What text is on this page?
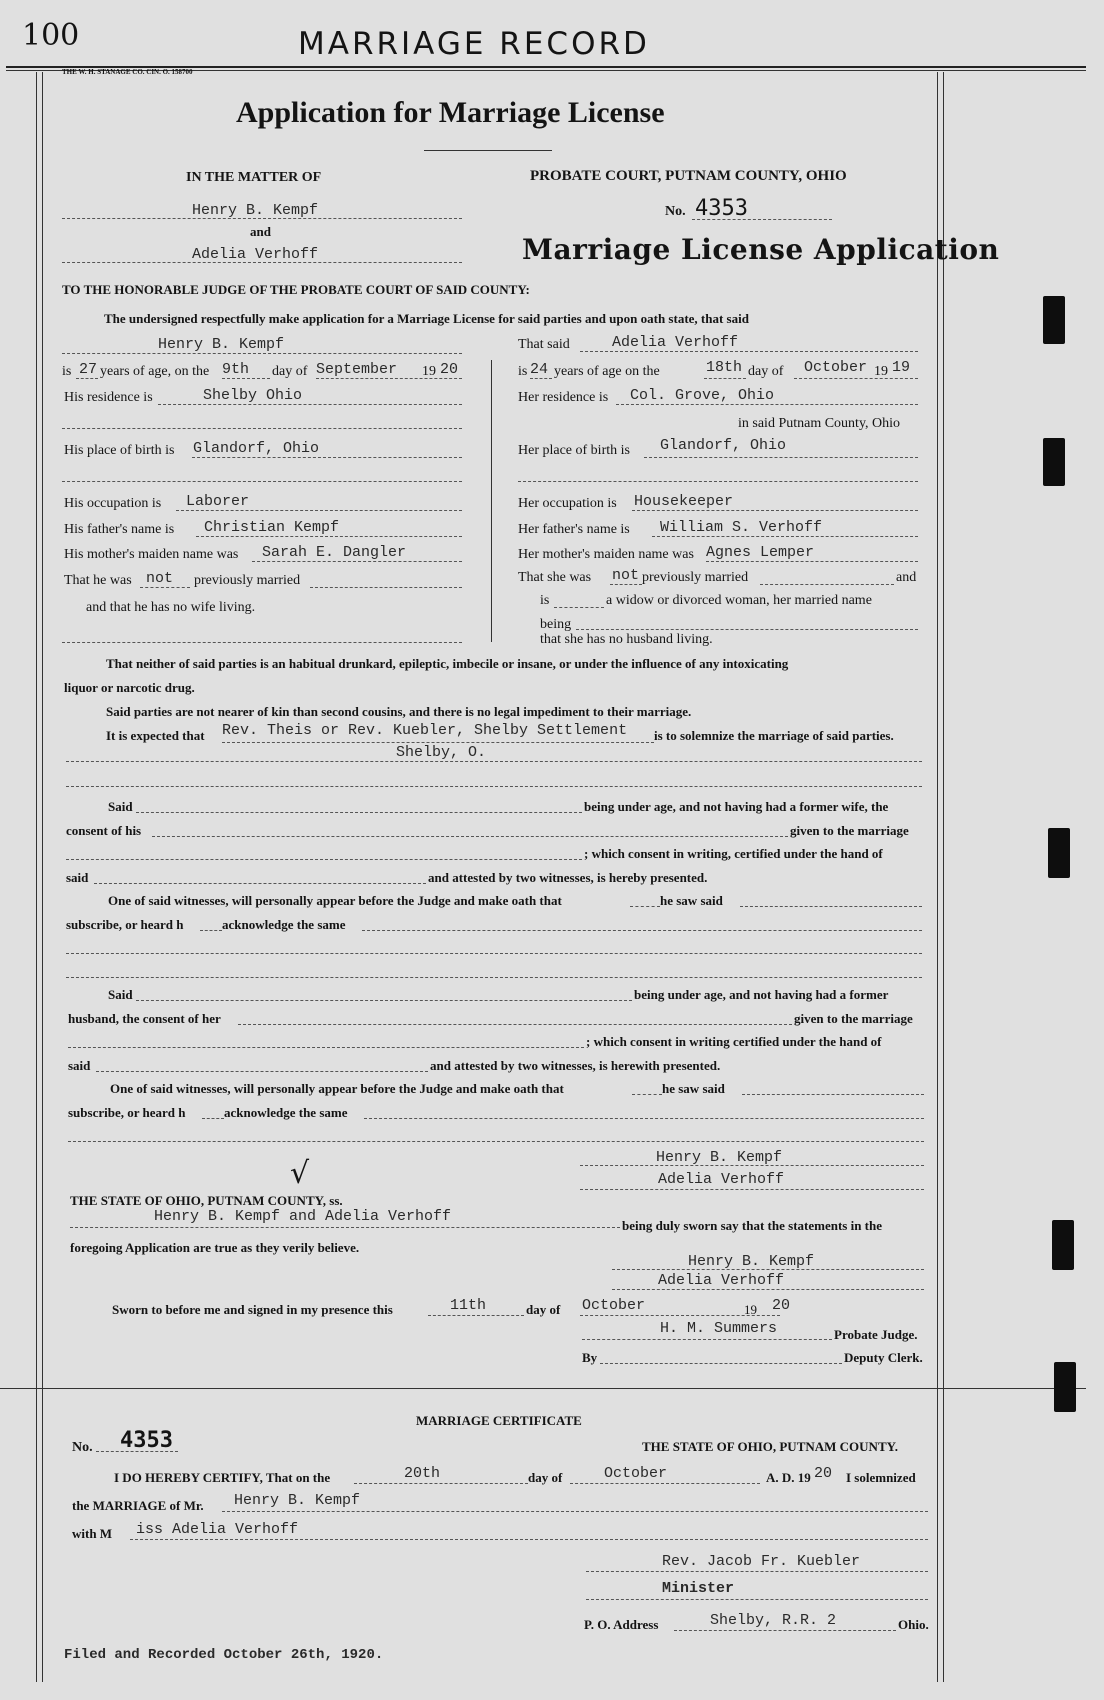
100	MARRIAGE RECORD
THE W. H. STANAGE CO. CIN. O. 158700
Application for Marriage License
IN THE MATTER OF	PROBATE COURT, PUTNAM COUNTY, OHIO
Henry B. Kempf
and
Adelia Verhoff
No. 4353
Marriage License Application
TO THE HONORABLE JUDGE OF THE PROBATE COURT OF SAID COUNTY:
The undersigned respectfully make application for a Marriage License for said parties and upon oath state, that said
Henry B. Kempf
is 27 years of age, on the 9th day of September 19 20
His residence is	Shelby Ohio
His place of birth is Glandorf, Ohio
His occupation is Laborer
His father's name is Christian Kempf
His mother's maiden name was Sarah E. Dangler
That he was not previously married
and that he has no wife living.
That said	Adelia Verhoff
is 24 years of age on the	18th day of October 19 19
Her residence is Col. Grove, Ohio
in said Putnam County, Ohio
Her place of birth is Glandorf, Ohio
Her occupation is Housekeeper
Her father's name is William S. Verhoff
Her mother's maiden name was Agnes Lemper
That she was not previously married	and
is	a widow or divorced woman, her married name
being
that she has no husband living.
That neither of said parties is an habitual drunkard, epileptic, imbecile or insane, or under the influence of any intoxicating
liquor or narcotic drug.
Said parties are not nearer of kin than second cousins, and there is no legal impediment to their marriage.
It is expected that Rev. Theis or Rev. Kuebler, Shelby Settlement is to solemnize the marriage of said parties.
Shelby, O.
Said	being under age, and not having had a former wife, the
consent of his	given to the marriage
; which consent in writing, certified under the hand of
said	and attested by two witnesses, is hereby presented.
One of said witnesses, will personally appear before the Judge and make oath that	he saw said
subscribe, or heard h	acknowledge the same
Said	being under age, and not having had a former
husband, the consent of her	given to the marriage
; which consent in writing certified under the hand of
said	and attested by two witnesses, is herewith presented.
One of said witnesses, will personally appear before the Judge and make oath that	he saw said
subscribe, or heard h	acknowledge the same
Henry B. Kempf
Adelia Verhoff
√
THE STATE OF OHIO, PUTNAM COUNTY, ss.
Henry B. Kempf and Adelia Verhoff
being duly sworn say that the statements in the
foregoing Application are true as they verily believe.
Henry B. Kempf
Adelia Verhoff
Sworn to before me and signed in my presence this	11th	day of October	19 20
H. M. Summers	Probate Judge.
By	Deputy Clerk.
MARRIAGE CERTIFICATE
No. 4353	THE STATE OF OHIO, PUTNAM COUNTY.
I DO HEREBY CERTIFY, That on the	20th	day of	October	A. D. 19 20 I solemnized
the MARRIAGE of Mr. Henry B. Kempf
with M iss Adelia Verhoff
Rev. Jacob Fr. Kuebler
Minister
P. O. Address	Shelby, R.R. 2	Ohio.
Filed and Recorded October 26th, 1920.
